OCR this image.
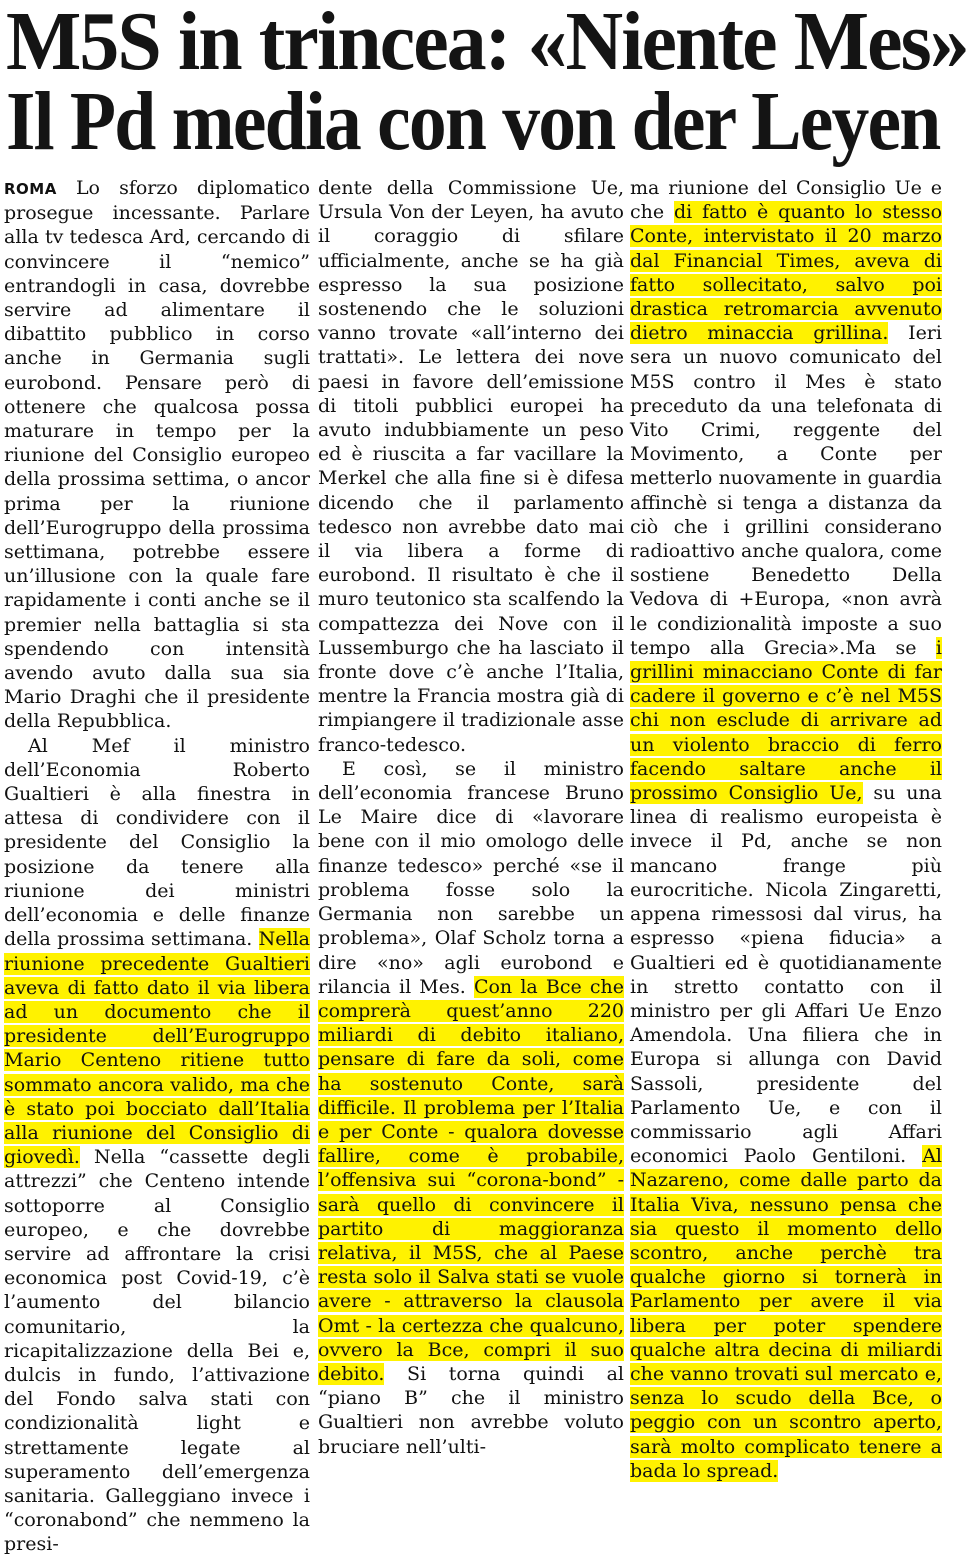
M5S in trincea: «Niente Mes»
Il Pd media con von der Leyen

ROMA Lo sforzo diplomatico prosegue incessante. Parlare alla tv tedesca Ard, cercando di convincere il “nemico” entrandogli in casa, dovrebbe servire ad alimentare il dibattito pubblico in corso anche in Germania sugli eurobond. Pensare però di ottenere che qualcosa possa maturare in tempo per la riunione del Consiglio europeo della prossima settima, o ancor prima per la riunione dell’Eurogruppo della prossima settimana, potrebbe essere un’illusione con la quale fare rapidamente i conti anche se il premier nella battaglia si sta spendendo con intensità avendo avuto dalla sua sia Mario Draghi che il presidente della Repubblica.

Al Mef il ministro dell’Economia Roberto Gualtieri è alla finestra in attesa di condividere con il presidente del Consiglio la posizione da tenere alla riunione dei ministri dell’economia e delle finanze della prossima settimana. Nella riunione precedente Gualtieri aveva di fatto dato il via libera ad un documento che il presidente dell’Eurogruppo Mario Centeno ritiene tutto sommato ancora valido, ma che è stato poi bocciato dall’Italia alla riunione del Consiglio di giovedì. Nella “cassette degli attrezzi” che Centeno intende sottoporre al Consiglio europeo, e che dovrebbe servire ad affrontare la crisi economica post Covid-19, c’è l’aumento del bilancio comunitario, la ricapitalizzazione della Bei e, dulcis in fundo, l’attivazione del Fondo salva stati con condizionalità light e strettamente legate al superamento dell’emergenza sanitaria. Galleggiano invece i “coronabond” che nemmeno la presi-

dente della Commissione Ue, Ursula Von der Leyen, ha avuto il coraggio di sfilare ufficialmente, anche se ha già espresso la sua posizione sostenendo che le soluzioni vanno trovate «all’interno dei trattati». Le lettera dei nove paesi in favore dell’emissione di titoli pubblici europei ha avuto indubbiamente un peso ed è riuscita a far vacillare la Merkel che alla fine si è difesa dicendo che il parlamento tedesco non avrebbe dato mai il via libera a forme di eurobond. Il risultato è che il muro teutonico sta scalfendo la compattezza dei Nove con il Lussemburgo che ha lasciato il fronte dove c’è anche l’Italia, mentre la Francia mostra già di rimpiangere il tradizionale asse franco-tedesco.

E così, se il ministro dell’economia francese Bruno Le Maire dice di «lavorare bene con il mio omologo delle finanze tedesco» perché «se il problema fosse solo la Germania non sarebbe un problema», Olaf Scholz torna a dire «no» agli eurobond e rilancia il Mes. Con la Bce che comprerà quest’anno 220 miliardi di debito italiano, pensare di fare da soli, come ha sostenuto Conte, sarà difficile. Il problema per l’Italia e per Conte - qualora dovesse fallire, come è probabile, l’offensiva sui “corona-bond” - sarà quello di convincere il partito di maggioranza relativa, il M5S, che al Paese resta solo il Salva stati se vuole avere - attraverso la clausola Omt - la certezza che qualcuno, ovvero la Bce, compri il suo debito. Si torna quindi al “piano B” che il ministro Gualtieri non avrebbe voluto bruciare nell’ulti-

ma riunione del Consiglio Ue e che di fatto è quanto lo stesso Conte, intervistato il 20 marzo dal Financial Times, aveva di fatto sollecitato, salvo poi drastica retromarcia avvenuto dietro minaccia grillina. Ieri sera un nuovo comunicato del M5S contro il Mes è stato preceduto da una telefonata di Vito Crimi, reggente del Movimento, a Conte per metterlo nuovamente in guardia affinchè si tenga a distanza da ciò che i grillini considerano radioattivo anche qualora, come sostiene Benedetto Della Vedova di +Europa, «non avrà le condizionalità imposte a suo tempo alla Grecia».Ma se i grillini minacciano Conte di far cadere il governo e c’è nel M5S chi non esclude di arrivare ad un violento braccio di ferro facendo saltare anche il prossimo Consiglio Ue, su una linea di realismo europeista è invece il Pd, anche se non mancano frange più eurocritiche. Nicola Zingaretti, appena rimessosi dal virus, ha espresso «piena fiducia» a Gualtieri ed è quotidianamente in stretto contatto con il ministro per gli Affari Ue Enzo Amendola. Una filiera che in Europa si allunga con David Sassoli, presidente del Parlamento Ue, e con il commissario agli Affari economici Paolo Gentiloni. Al Nazareno, come dalle parto da Italia Viva, nessuno pensa che sia questo il momento dello scontro, anche perchè tra qualche giorno si tornerà in Parlamento per avere il via libera per poter spendere qualche altra decina di miliardi che vanno trovati sul mercato e, senza lo scudo della Bce, o peggio con un scontro aperto, sarà molto complicato tenere a bada lo spread.
